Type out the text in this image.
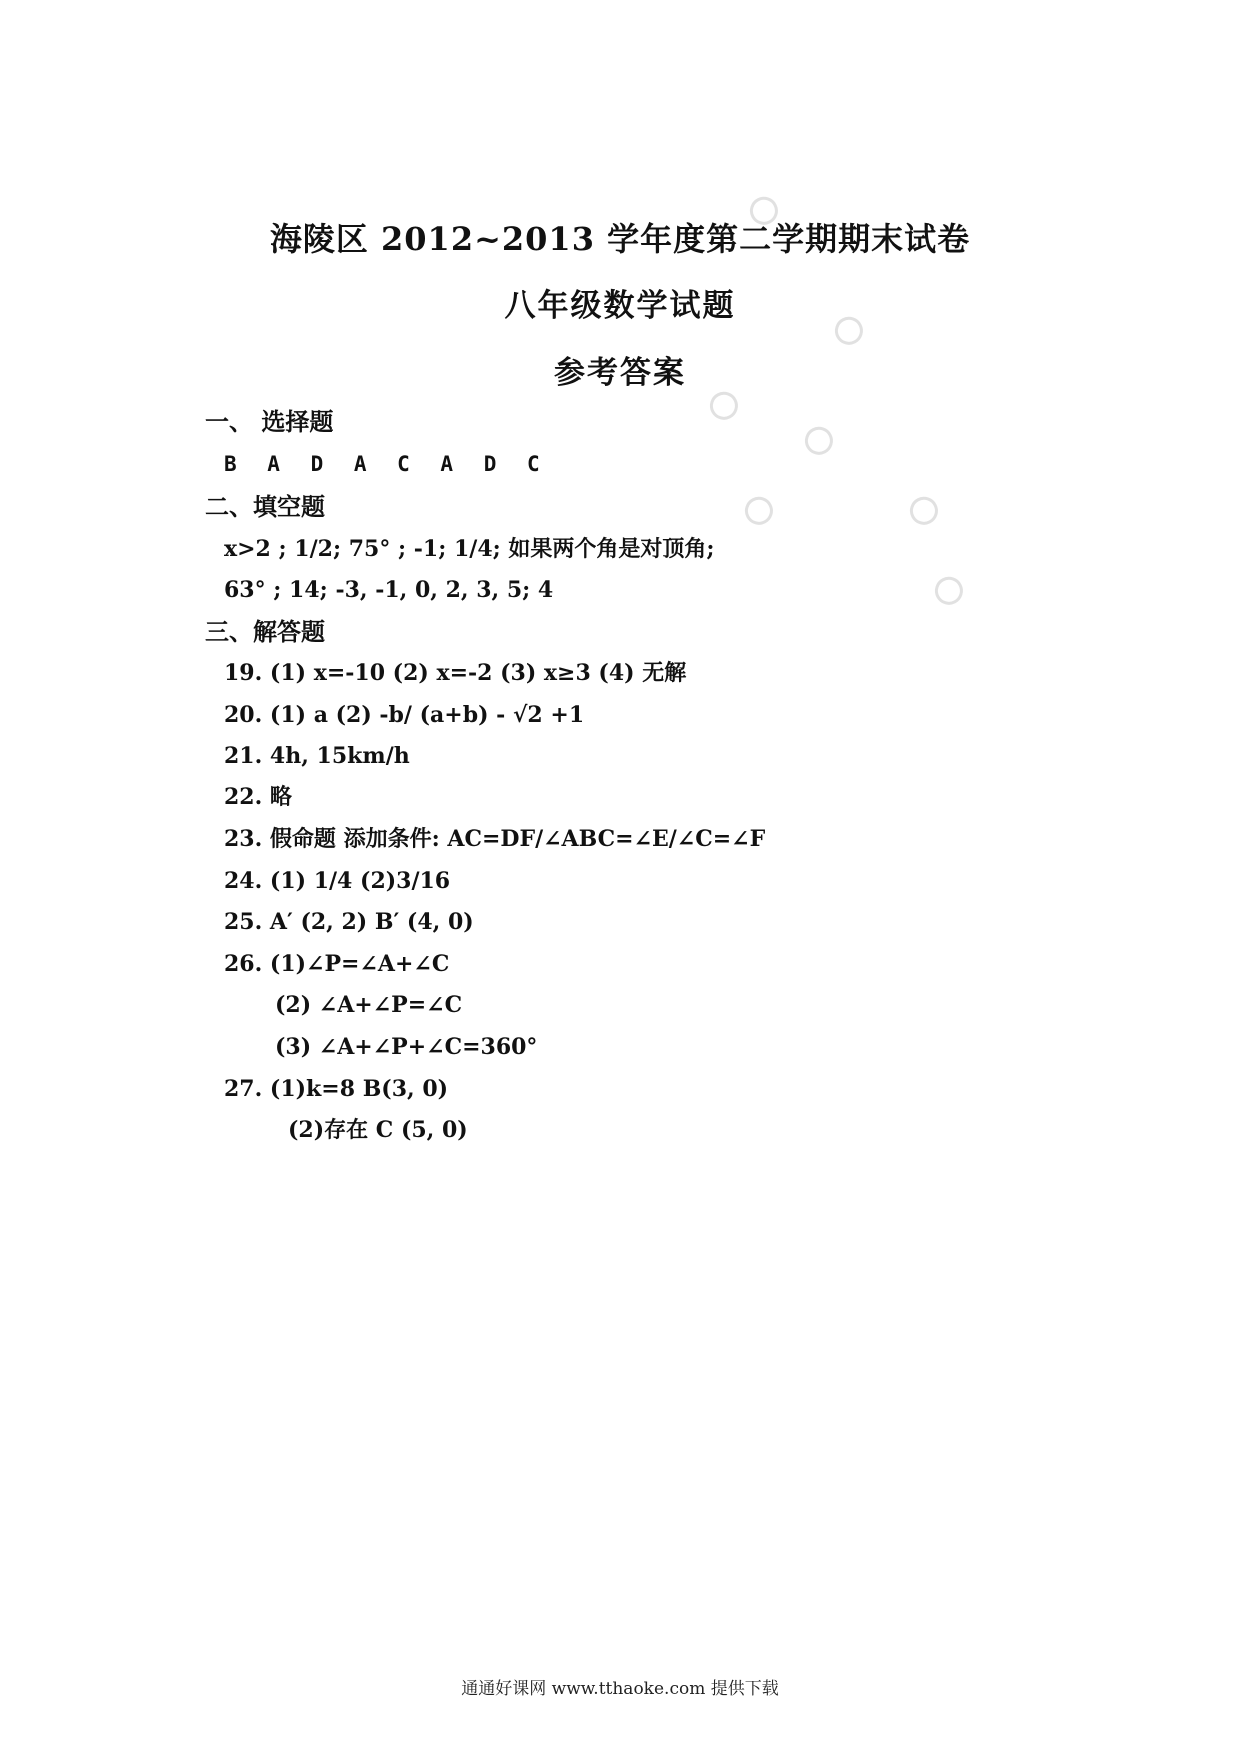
海陵区 2012~2013 学年度第二学期期末试卷
八年级数学试题
参考答案
一、 选择题
B A D A C A D C
二、填空题
x>2 ; 1/2; 75° ; -1; 1/4; 如果两个角是对顶角;
63° ; 14; -3, -1, 0, 2, 3, 5; 4
三、解答题
19. (1) x=-10 (2) x=-2 (3) x≥3 (4) 无解
20. (1) a (2) -b/ (a+b) - √2 +1
21. 4h, 15km/h
22. 略
23. 假命题 添加条件: AC=DF/∠ABC=∠E/∠C=∠F
24. (1) 1/4 (2)3/16
25. A′ (2, 2) B′ (4, 0)
26. (1)∠P=∠A+∠C
(2) ∠A+∠P=∠C
(3) ∠A+∠P+∠C=360°
27. (1)k=8 B(3, 0)
(2)存在 C (5, 0)
通通好课网 www.tthaoke.com 提供下载
